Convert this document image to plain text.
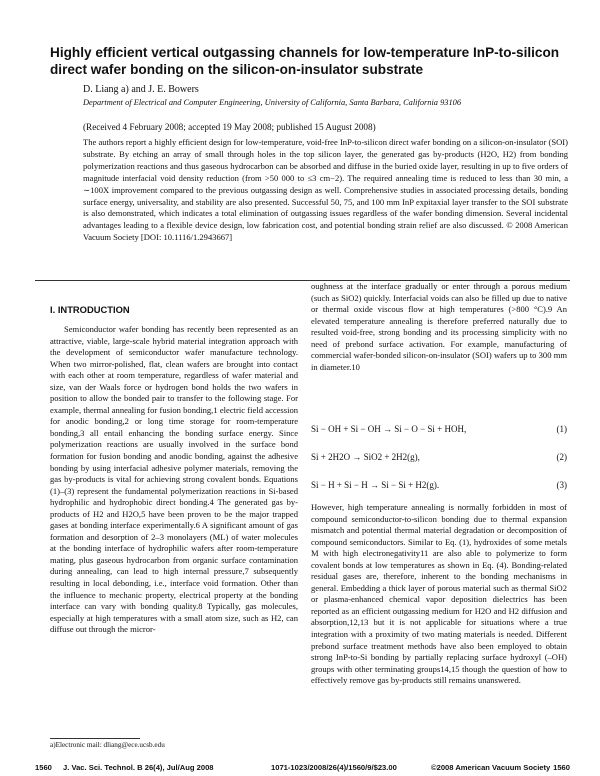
Highly efficient vertical outgassing channels for low-temperature InP-to-silicon direct wafer bonding on the silicon-on-insulator substrate
D. Liang a) and J. E. Bowers
Department of Electrical and Computer Engineering, University of California, Santa Barbara, California 93106
(Received 4 February 2008; accepted 19 May 2008; published 15 August 2008)
The authors report a highly efficient design for low-temperature, void-free InP-to-silicon direct wafer bonding on a silicon-on-insulator (SOI) substrate. By etching an array of small through holes in the top silicon layer, the generated gas by-products (H2O, H2) from bonding polymerization reactions and thus gaseous hydrocarbon can be absorbed and diffuse in the buried oxide layer, resulting in up to five orders of magnitude interfacial void density reduction (from >50 000 to ≤3 cm−2). The required annealing time is reduced to less than 30 min, a ∼100X improvement compared to the previous outgassing design as well. Comprehensive studies in associated processing details, bonding surface energy, universality, and stability are also presented. Successful 50, 75, and 100 mm InP expitaxial layer transfer to the SOI substrate is also demonstrated, which indicates a total elimination of outgassing issues regardless of the wafer bonding dimension. Several incidental advantages leading to a flexible device design, low fabrication cost, and potential bonding strain relief are also discussed. © 2008 American Vacuum Society [DOI: 10.1116/1.2943667]
I. INTRODUCTION

Semiconductor wafer bonding has recently been represented as an attractive, viable, large-scale hybrid material integration approach with the development of semiconductor wafer manufacture technology. When two mirror-polished, flat, clean wafers are brought into contact with each other at room temperature, regardless of wafer material and size, van der Waals force or hydrogen bond holds the two wafers in position to allow the bonded pair to transfer to the following stage. For example, thermal annealing for fusion bonding,1 electric field accession for anodic bonding,2 or long time storage for room-temperature bonding,3 all entail enhancing the bonding surface energy. Since polymerization reactions are usually involved in the surface bond formation for fusion bonding and anodic bonding, against the adhesive bonding by using interfacial adhesive polymer materials, removing the gas by-products is vital for achieving strong covalent bonds. Equations (1)–(3) represent the fundamental polymerization reactions in Si-based hydrophilic and hydrophobic direct bonding.4 The generated gas by-products of H2 and H2O,5 have been proven to be the major trapped gases at bonding interface experimentally.6 A significant amount of gas formation and desorption of 2–3 monolayers (ML) of water molecules at the bonding interface of hydrophilic wafers after room-temperature mating, plus gaseous hydrocarbon from organic surface contamination during annealing, can lead to high internal pressure,7 subsequently resulting in local debonding, i.e., interface void formation. Other than the influence to mechanic property, electrical property at the bonding interface can vary with bonding quality.8 Typically, gas molecules, especially at high temperatures with a small atom size, such as H2, can diffuse out through the micror-

oughness at the interface gradually or enter through a porous medium (such as SiO2) quickly. Interfacial voids can also be filled up due to native or thermal oxide viscous flow at high temperatures (>800 °C).9 An elevated temperature annealing is therefore preferred naturally due to resulted void-free, strong bonding and its processing simplicity with no need of prebond surface activation. For example, manufacturing of commercial wafer-bonded silicon-on-insulator (SOI) wafers up to 300 mm in diameter.10

Si − OH + Si − OH → Si − O − Si + HOH,	(1)
Si + 2H2O → SiO2 + 2H2(g),	(2)
Si − H + Si − H → Si − Si + H2(g).	(3)

However, high temperature annealing is normally forbidden in most of compound semiconductor-to-silicon bonding due to thermal expansion mismatch and potential thermal material degradation or decomposition of compound semiconductors. Similar to Eq. (1), hydroxides of some metals M with high electronegativity11 are also able to polymerize to form covalent bonds at low temperatures as shown in Eq. (4). Bonding-related residual gases are, therefore, inherent to the bonding mechanisms in general. Embedding a thick layer of porous material such as thermal SiO2 or plasma-enhanced chemical vapor deposition dielectrics has been reported as an efficient outgassing medium for H2O and H2 diffusion and absorption,12,13 but it is not applicable for situations where a true integration with a proximity of two mating materials is needed. Different prebond surface treatment methods have also been employed to obtain strong InP-to-Si bonding by partially replacing surface hydroxyl (–OH) groups with other terminating groups14,15 though the question of how to effectively remove gas by-products still remains unanswered.

a)Electronic mail: dliang@ece.ucsb.edu
1560 J. Vac. Sci. Technol. B 26(4), Jul/Aug 2008	1071-1023/2008/26(4)/1560/9/$23.00	©2008 American Vacuum Society 1560
